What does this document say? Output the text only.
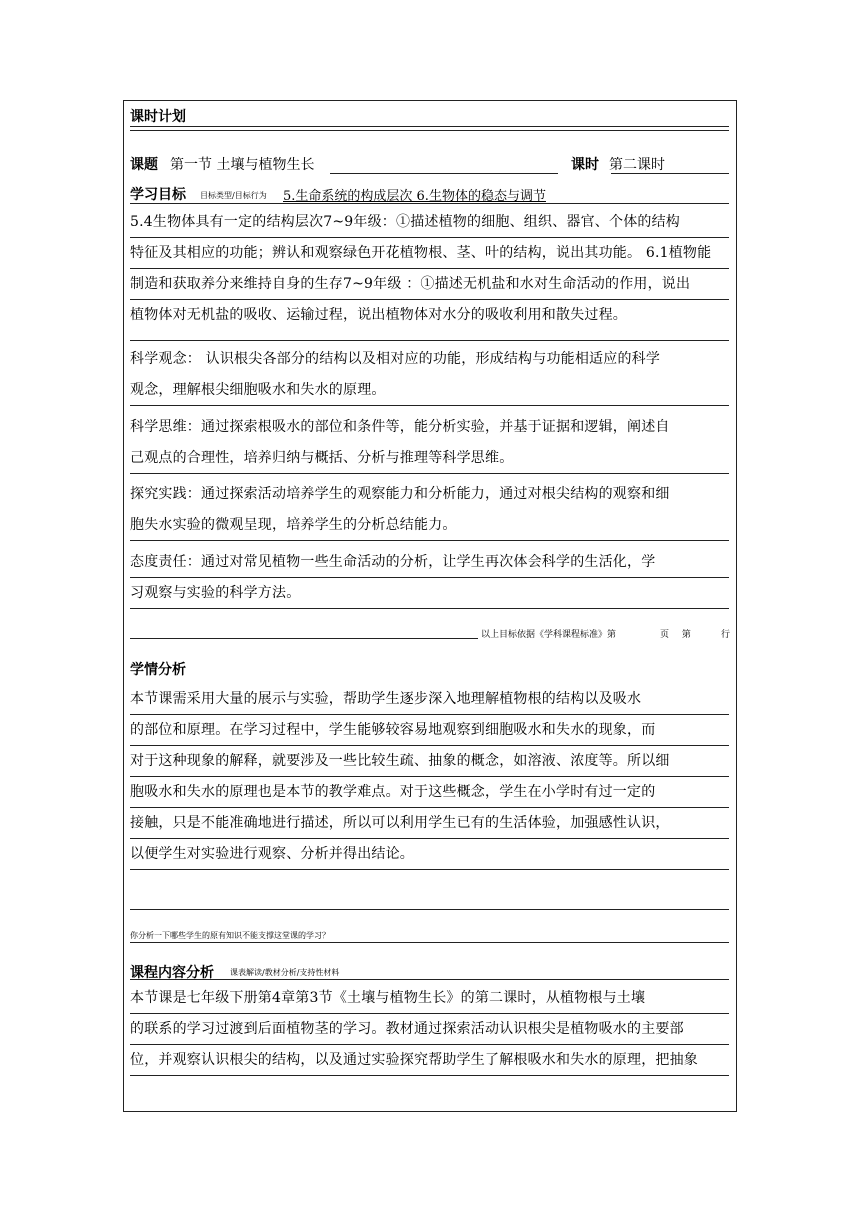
课时计划
课题 第一节 土壤与植物生长	课时 第二课时
学习目标 目标类型/目标行为 5.生命系统的构成层次 6.生物体的稳态与调节
5.4生物体具有一定的结构层次7~9年级：①描述植物的细胞、组织、器官、个体的结构
特征及其相应的功能；辨认和观察绿色开花植物根、茎、叶的结构，说出其功能。 6.1植物能
制造和获取养分来维持自身的生存7~9年级 ：①描述无机盐和水对生命活动的作用，说出
植物体对无机盐的吸收、运输过程，说出植物体对水分的吸收利用和散失过程。
科学观念： 认识根尖各部分的结构以及相对应的功能，形成结构与功能相适应的科学
观念，理解根尖细胞吸水和失水的原理。
科学思维：通过探索根吸水的部位和条件等，能分析实验，并基于证据和逻辑，阐述自
己观点的合理性，培养归纳与概括、分析与推理等科学思维。
探究实践：通过探索活动培养学生的观察能力和分析能力，通过对根尖结构的观察和细
胞失水实验的微观呈现，培养学生的分析总结能力。
态度责任：通过对常见植物一些生命活动的分析，让学生再次体会科学的生活化，学
习观察与实验的科学方法。
以上目标依据《学科课程标准》第	页 第	行
学情分析
本节课需采用大量的展示与实验，帮助学生逐步深入地理解植物根的结构以及吸水
的部位和原理。在学习过程中，学生能够较容易地观察到细胞吸水和失水的现象，而
对于这种现象的解释，就要涉及一些比较生疏、抽象的概念，如溶液、浓度等。所以细
胞吸水和失水的原理也是本节的教学难点。对于这些概念，学生在小学时有过一定的
接触，只是不能准确地进行描述，所以可以利用学生已有的生活体验，加强感性认识，
以便学生对实验进行观察、分析并得出结论。
你分析一下哪些学生的原有知识不能支撑这堂课的学习？
课程内容分析 课表解读/教材分析/支持性材料
本节课是七年级下册第4章第3节《土壤与植物生长》的第二课时，从植物根与土壤
的联系的学习过渡到后面植物茎的学习。教材通过探索活动认识根尖是植物吸水的主要部
位，并观察认识根尖的结构，以及通过实验探究帮助学生了解根吸水和失水的原理，把抽象
